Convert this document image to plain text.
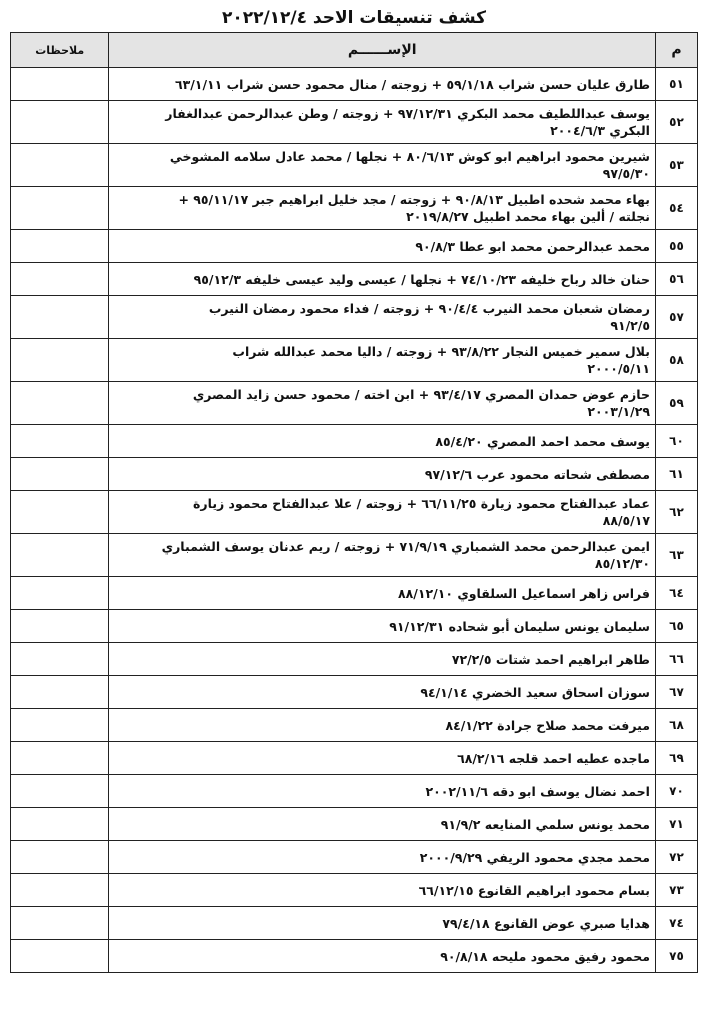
كشف تنسيقات الاحد ٢٠٢٢/١٢/٤
م	الإســــــم	ملاحظات
٥١	طارق عليان حسن شراب ٥٩/١/١٨ + زوجته / منال محمود حسن شراب ٦٣/١/١١	

٥٢	يوسف عبداللطيف محمد البكري ٩٧/١٢/٣١ + زوجته / وطن عبدالرحمن عبدالغفار
البكري ٢٠٠٤/٦/٣	

٥٣	شيرين محمود ابراهيم ابو كوش ٨٠/٦/١٣ + نجلها / محمد عادل سلامه المشوخي
٩٧/٥/٣٠	

٥٤	بهاء محمد شحده اطبيل ٩٠/٨/١٣ + زوجته / مجد خليل ابراهيم جبر ٩٥/١١/١٧ +
نجلته / ألين بهاء محمد اطبيل ٢٠١٩/٨/٢٧	

٥٥	محمد عبدالرحمن محمد ابو عطا ٩٠/٨/٣	

٥٦	حنان خالد رباح خليفه ٧٤/١٠/٢٣ + نجلها / عيسى وليد عيسى خليفه ٩٥/١٢/٣	

٥٧	رمضان شعبان محمد النيرب ٩٠/٤/٤ + زوجته / فداء محمود رمضان النيرب
٩١/٢/٥	

٥٨	بلال سمير خميس النجار ٩٣/٨/٢٢ + زوجته / داليا محمد عبدالله شراب
٢٠٠٠/٥/١١	

٥٩	حازم عوض حمدان المصري ٩٣/٤/١٧ + ابن اخته / محمود حسن زايد المصري
٢٠٠٣/١/٢٩	

٦٠	يوسف محمد احمد المصري ٨٥/٤/٢٠	

٦١	مصطفى شحاته محمود عرب ٩٧/١٢/٦	

٦٢	عماد عبدالفتاح محمود زيارة ٦٦/١١/٢٥ + زوجته / علا عبدالفتاح محمود زيارة
٨٨/٥/١٧	

٦٣	ايمن عبدالرحمن محمد الشمباري ٧١/٩/١٩ + زوجته / ريم عدنان يوسف الشمباري
٨٥/١٢/٣٠	

٦٤	فراس زاهر اسماعيل السلقاوي ٨٨/١٢/١٠	

٦٥	سليمان يونس سليمان أبو شحاده ٩١/١٢/٣١	

٦٦	طاهر ابراهيم احمد شتات ٧٢/٢/٥	

٦٧	سوزان اسحاق سعيد الخضري ٩٤/١/١٤	

٦٨	ميرفت محمد صلاح جرادة ٨٤/١/٢٢	

٦٩	ماجده عطيه احمد قلجه ٦٨/٢/١٦	

٧٠	احمد نضال يوسف ابو دقه ٢٠٠٢/١١/٦	

٧١	محمد يونس سلمي المنايعه ٩١/٩/٢	

٧٢	محمد مجدي محمود الريفي ٢٠٠٠/٩/٢٩	

٧٣	بسام محمود ابراهيم القانوع ٦٦/١٢/١٥	

٧٤	هدايا صبري عوض القانوع ٧٩/٤/١٨	

٧٥	محمود رفيق محمود مليحه ٩٠/٨/١٨	
